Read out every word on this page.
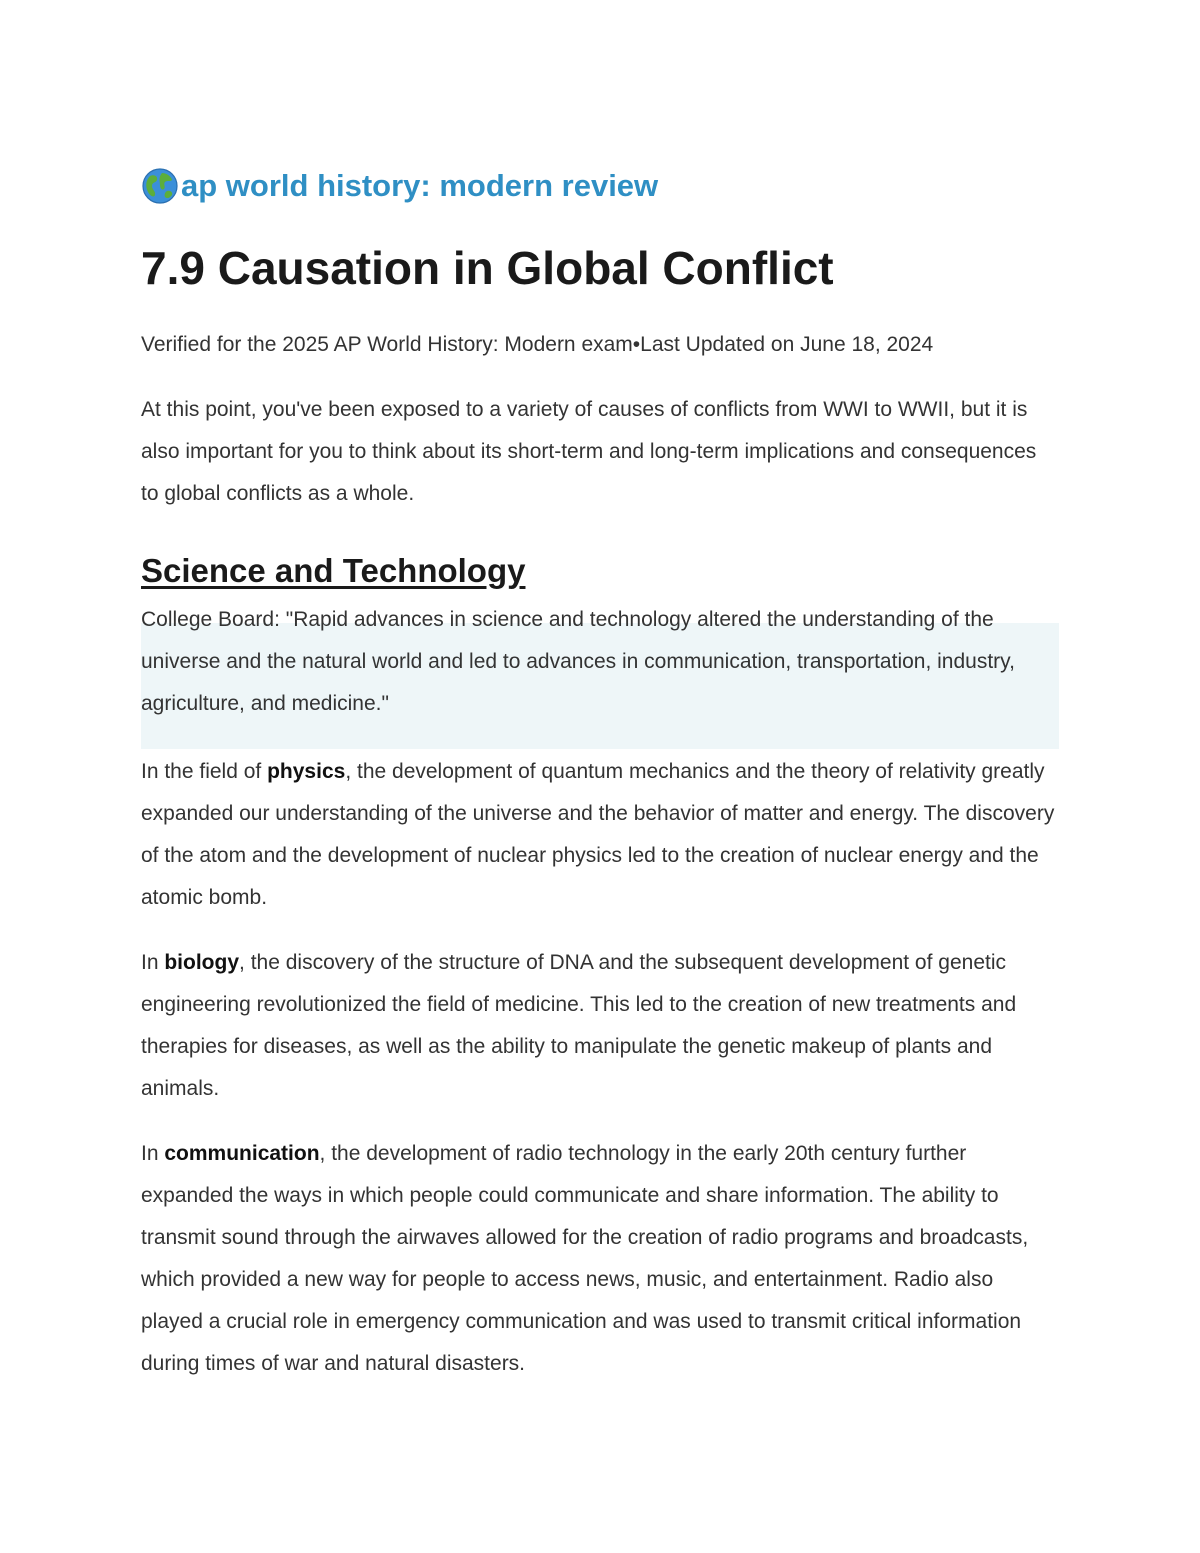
ap world history: modern review
7.9 Causation in Global Conflict

Verified for the 2025 AP World History: Modern exam•Last Updated on June 18, 2024

At this point, you've been exposed to a variety of causes of conflicts from WWI to WWII, but it is also important for you to think about its short-term and long-term implications and consequences to global conflicts as a whole.

Science and Technology

College Board: "Rapid advances in science and technology altered the understanding of the universe and the natural world and led to advances in communication, transportation, industry, agriculture, and medicine."

In the field of physics, the development of quantum mechanics and the theory of relativity greatly expanded our understanding of the universe and the behavior of matter and energy. The discovery of the atom and the development of nuclear physics led to the creation of nuclear energy and the atomic bomb.

In biology, the discovery of the structure of DNA and the subsequent development of genetic engineering revolutionized the field of medicine. This led to the creation of new treatments and therapies for diseases, as well as the ability to manipulate the genetic makeup of plants and animals.

In communication, the development of radio technology in the early 20th century further expanded the ways in which people could communicate and share information. The ability to transmit sound through the airwaves allowed for the creation of radio programs and broadcasts, which provided a new way for people to access news, music, and entertainment. Radio also played a crucial role in emergency communication and was used to transmit critical information during times of war and natural disasters.
